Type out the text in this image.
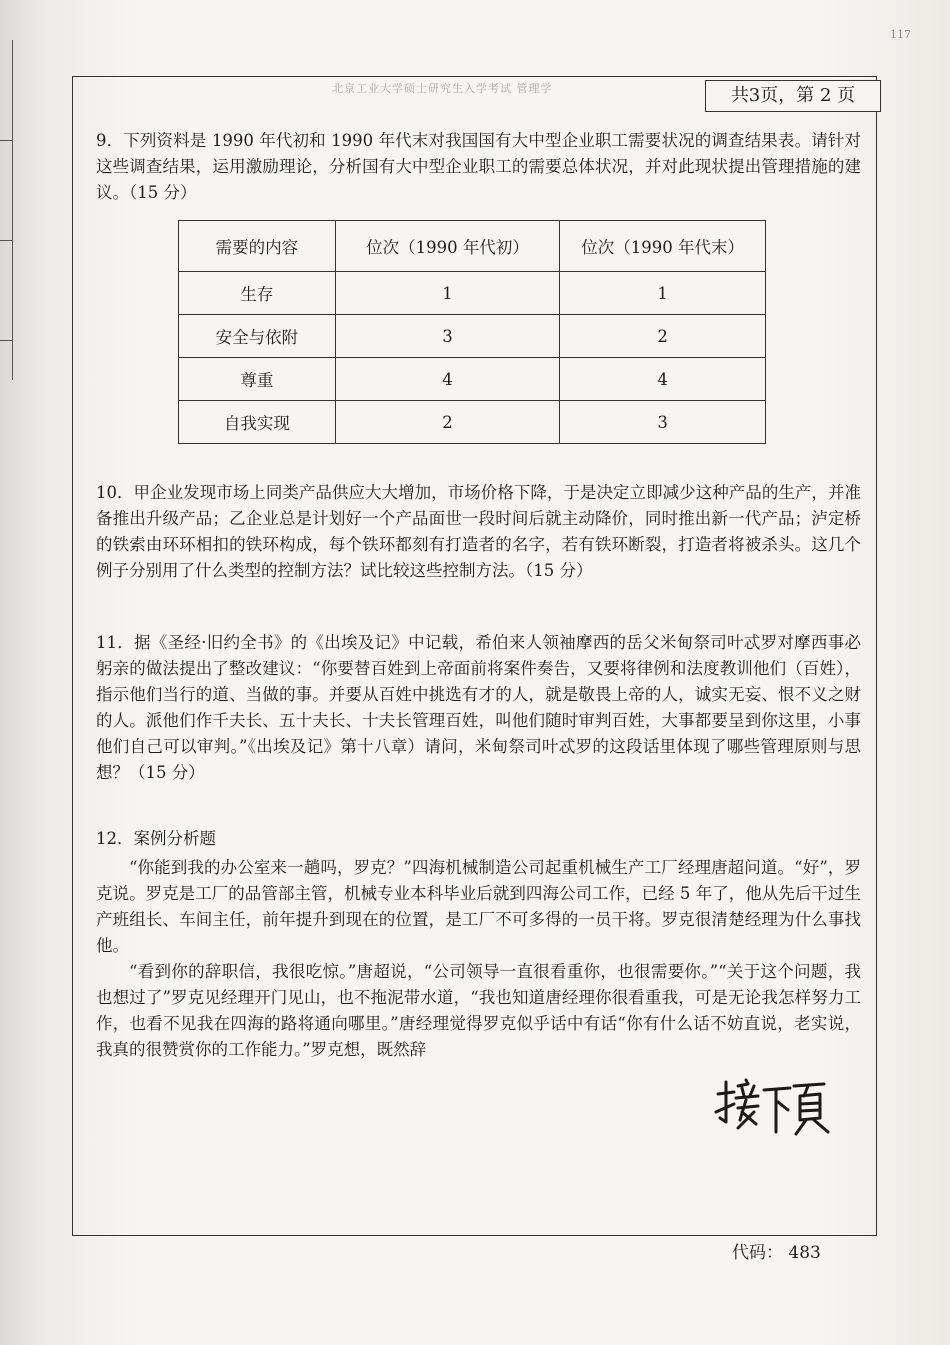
117
北京工业大学硕士研究生入学考试 管理学	共3页，第 2 页

9．下列资料是 1990 年代初和 1990 年代末对我国国有大中型企业职工需要状况的调查结果表。请针对这些调查结果，运用激励理论，分析国有大中型企业职工的需要总体状况，并对此现状提出管理措施的建议。（15 分）

需要的内容	位次（1990 年代初）	位次（1990 年代末）
生存	1	1
安全与依附	3	2
尊重	4	4
自我实现	2	3

10．甲企业发现市场上同类产品供应大大增加，市场价格下降，于是决定立即减少这种产品的生产，并准备推出升级产品；乙企业总是计划好一个产品面世一段时间后就主动降价，同时推出新一代产品；泸定桥的铁索由环环相扣的铁环构成，每个铁环都刻有打造者的名字，若有铁环断裂，打造者将被杀头。这几个例子分别用了什么类型的控制方法？试比较这些控制方法。（15 分）

11．据《圣经·旧约全书》的《出埃及记》中记载，希伯来人领袖摩西的岳父米甸祭司叶忒罗对摩西事必躬亲的做法提出了整改建议：“你要替百姓到上帝面前将案件奏告，又要将律例和法度教训他们（百姓），指示他们当行的道、当做的事。并要从百姓中挑选有才的人，就是敬畏上帝的人，诚实无妄、恨不义之财的人。派他们作千夫长、五十夫长、十夫长管理百姓，叫他们随时审判百姓，大事都要呈到你这里，小事他们自己可以审判。”《出埃及记》第十八章）请问，米甸祭司叶忒罗的这段话里体现了哪些管理原则与思想？（15 分）

12．案例分析题

“你能到我的办公室来一趟吗，罗克？”四海机械制造公司起重机械生产工厂经理唐超问道。“好”，罗克说。罗克是工厂的品管部主管，机械专业本科毕业后就到四海公司工作，已经 5 年了，他从先后干过生产班组长、车间主任，前年提升到现在的位置，是工厂不可多得的一员干将。罗克很清楚经理为什么事找他。

“看到你的辞职信，我很吃惊。”唐超说，“公司领导一直很看重你，也很需要你。”“关于这个问题，我也想过了”罗克见经理开门见山，也不拖泥带水道，“我也知道唐经理你很看重我，可是无论我怎样努力工作，也看不见我在四海的路将通向哪里。”唐经理觉得罗克似乎话中有话“你有什么话不妨直说，老实说，我真的很赞赏你的工作能力。”罗克想，既然辞

代码： 483
